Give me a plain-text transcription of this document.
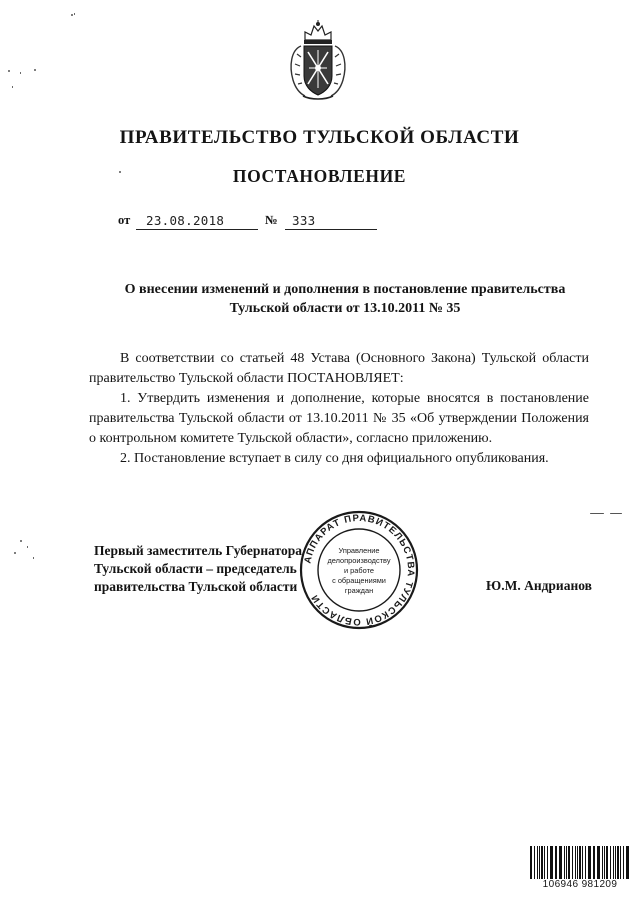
ПРАВИТЕЛЬСТВО ТУЛЬСКОЙ ОБЛАСТИ
ПОСТАНОВЛЕНИЕ
от 23.08.2018	№ 333
О внесении изменений и дополнения в постановление правительства
Тульской области от 13.10.2011 № 35

В соответствии со статьей 48 Устава (Основного Закона) Тульской области правительство Тульской области ПОСТАНОВЛЯЕТ:

1. Утвердить изменения и дополнение, которые вносятся в постановление правительства Тульской области от 13.10.2011 № 35 «Об утверждении Положения о контрольном комитете Тульской области», согласно приложению.

2. Постановление вступает в силу со дня официального опубликования.

Первый заместитель Губернатора
Тульской области – председатель
правительства Тульской области	Ю.М. Андрианов
АППАРАТ ПРАВИТЕЛЬСТВА ТУЛЬСКОЙ ОБЛАСТИ
Управление
делопроизводству
и работе
с обращениями
граждан
106946 981209
